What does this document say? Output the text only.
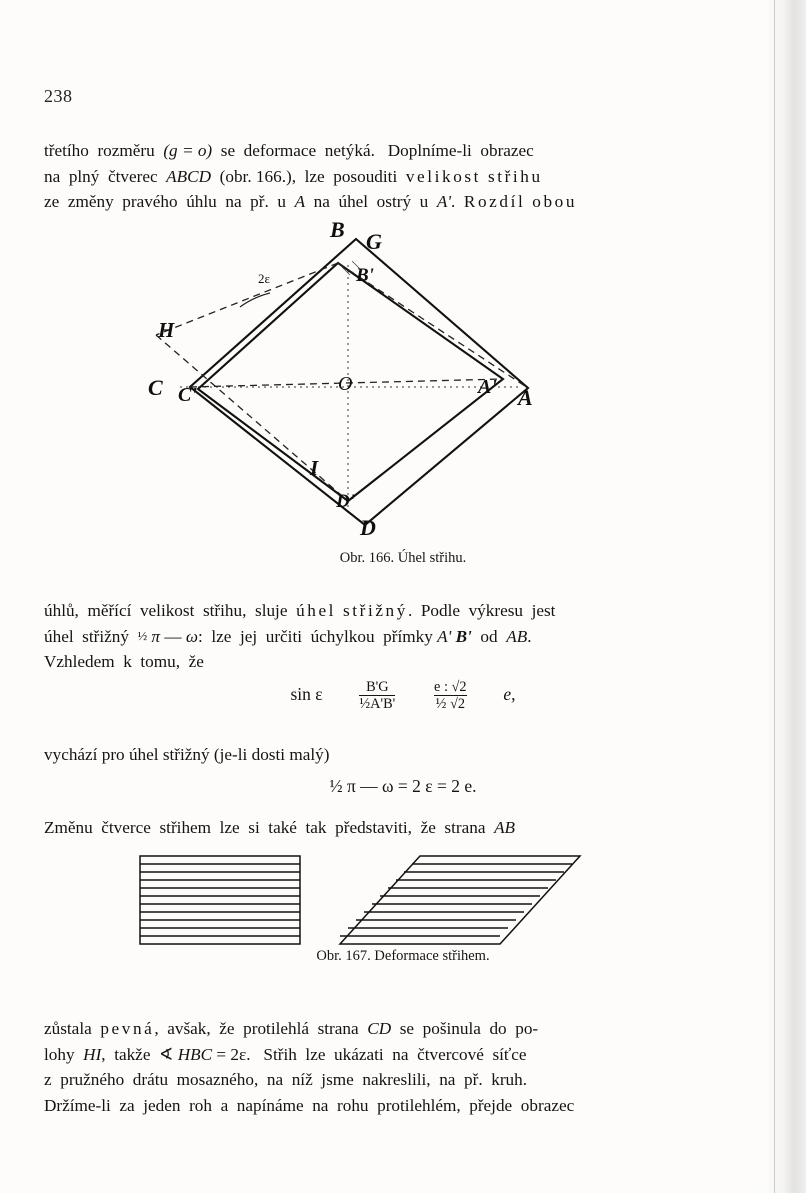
238

třetího  rozměru  (g = o)  se  deformace  netýká.   Doplníme-li  obrazec

na  plný  čtverec  ABCD  (obr. 166.),  lze  posouditi  velikost střihu

ze  změny  pravého  úhlu  na  př.  u  A  na  úhel  ostrý  u  A'.  Rozdíl obou

B G
B'
H
C C'	A' A
I
D'
D
O
2ε
Obr. 166. Úhel střihu.

úhlů,  měřící  velikost  střihu,  sluje  úhel střižný.  Podle  výkresu  jest

úhel  střižný  ½ π — ω:  lze  jej  určiti  úchylkou  přímky A' B'  od  AB.

Vzhledem  k  tomu,  že

sin ε	$\frac{B'G}{\text{½A'B'}}$
	$\frac{e : √2}{\text{½ √2}} e$,

vychází pro úhel střižný (je-li dosti malý)

½ π — ω = 2 ε = 2 e.

Změnu  čtverce  střihem  lze  si  také  tak  představiti,  že  strana  AB

Obr. 167. Deformace střihem.

zůstala  pevná,  avšak,  že  protilehlá  strana  CD  se  pošinula  do  po-

lohy  HI,  takže  ∢ HBC = 2ε.   Střih  lze  ukázati  na  čtvercové  síťce

z  pružného  drátu  mosazného,  na  níž  jsme  nakreslili,  na  př.  kruh.

Držíme-li  za  jeden  roh  a  napínáme  na  rohu  protilehlém,  přejde  obrazec
